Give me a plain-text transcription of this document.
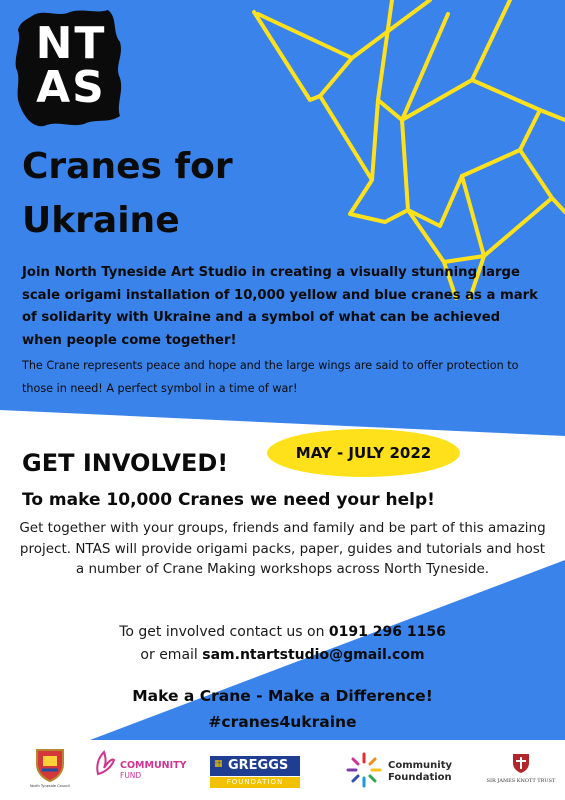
NT
AS
Cranes for
Ukraine

Join North Tyneside Art Studio in creating a visually stunning large scale origami installation of 10,000 yellow and blue cranes as a mark of solidarity with Ukraine and a symbol of what can be achieved when people come together!

The Crane represents peace and hope and the large wings are said to offer protection to those in need! A perfect symbol in a time of war!

GET INVOLVED!	MAY - JULY 2022

To make 10,000 Cranes we need your help!

Get together with your groups, friends and family and be part of this amazing project. NTAS will provide origami packs, paper, guides and tutorials and host a number of Crane Making workshops across North Tyneside.

To get involved contact us on 0191 296 1156
or email sam.ntartstudio@gmail.com
Make a Crane - Make a Difference!
#cranes4ukraine
North Tyneside Council
COMMUNITY
FUND
▦ GREGGS
FOUNDATION
Community
Foundation	SIR JAMES KNOTT TRUST
